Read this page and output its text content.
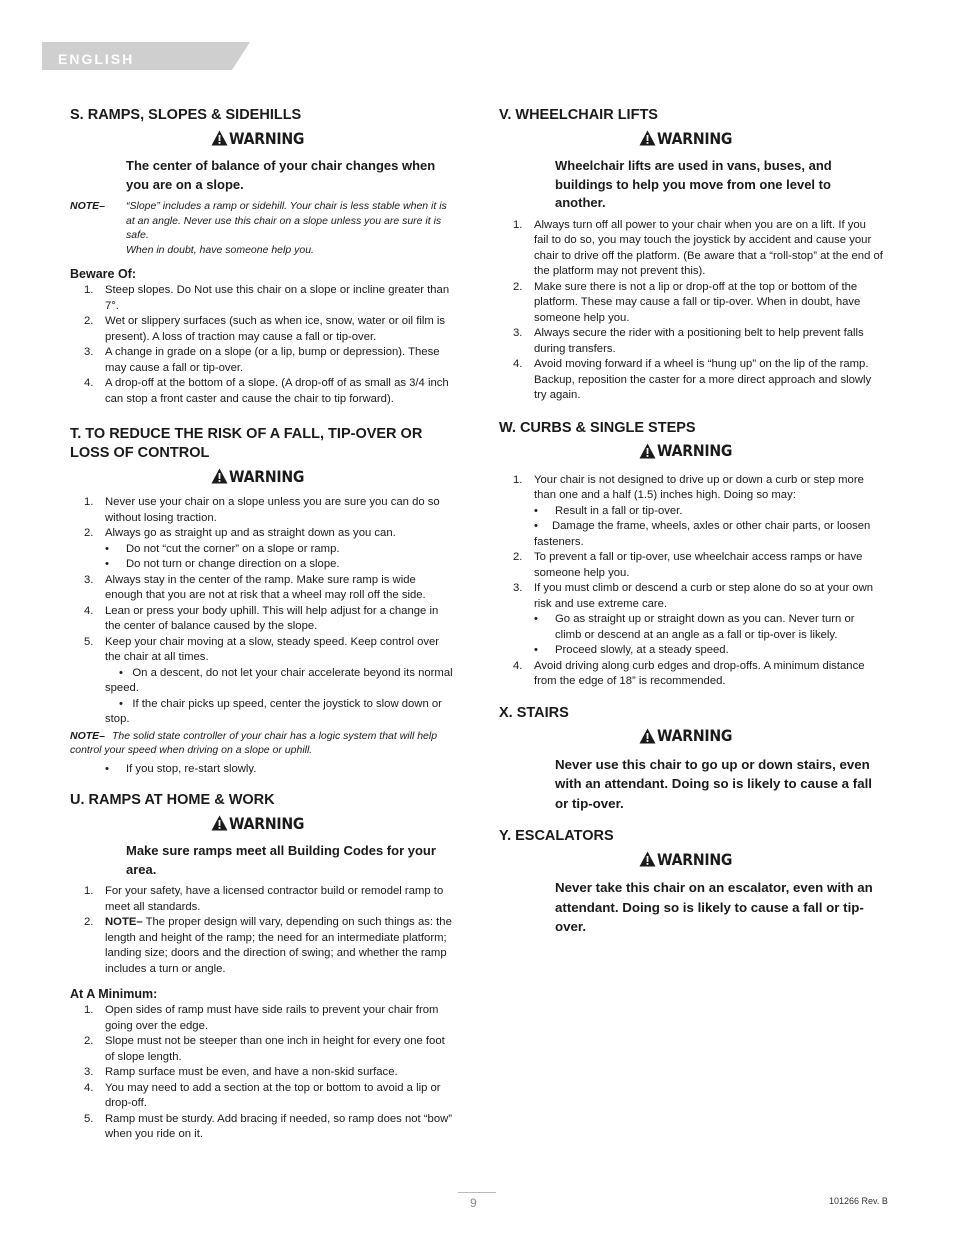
ENGLISH
S. RAMPS, SLOPES & SIDEHILLS
WARNING

The center of balance of your chair changes when you are on a slope.

NOTE– “Slope” includes a ramp or sidehill. Your chair is less stable when it is at an angle. Never use this chair on a slope unless you are sure it is safe.
When in doubt, have someone help you.
Beware Of:
1. Steep slopes. Do Not use this chair on a slope or incline greater than 7°.
2. Wet or slippery surfaces (such as when ice, snow, water or oil film is present). A loss of traction may cause a fall or tip-over.
3. A change in grade on a slope (or a lip, bump or depression). These may cause a fall or tip-over.
4. A drop-off at the bottom of a slope. (A drop-off of as small as 3/4 inch can stop a front caster and cause the chair to tip forward).
T. TO REDUCE THE RISK OF A FALL, TIP-OVER OR LOSS OF CONTROL
WARNING
1. Never use your chair on a slope unless you are sure you can do so without losing traction.
2. Always go as straight up and as straight down as you can.
• Do not “cut the corner” on a slope or ramp.
• Do not turn or change direction on a slope.
3. Always stay in the center of the ramp. Make sure ramp is wide enough that you are not at risk that a wheel may roll off the side.
4. Lean or press your body uphill. This will help adjust for a change in the center of balance caused by the slope.
5. Keep your chair moving at a slow, steady speed. Keep control over the chair at all times.
•   On a descent, do not let your chair accelerate beyond its normal speed.
•   If the chair picks up speed, center the joystick to slow down or stop.
NOTE– The solid state controller of your chair has a logic system that will help control your speed when driving on a slope or uphill.
• If you stop, re-start slowly.
U. RAMPS AT HOME & WORK
WARNING

Make sure ramps meet all Building Codes for your area.

1. For your safety, have a licensed contractor build or remodel ramp to meet all standards.
2. NOTE– The proper design will vary, depending on such things as: the length and height of the ramp; the need for an intermediate platform; landing size; doors and the direction of swing; and whether the ramp includes a turn or angle.
At A Minimum:
1. Open sides of ramp must have side rails to prevent your chair from going over the edge.
2. Slope must not be steeper than one inch in height for every one foot of slope length.
3. Ramp surface must be even, and have a non-skid surface.
4. You may need to add a section at the top or bottom to avoid a lip or drop-off.
5. Ramp must be sturdy. Add bracing if needed, so ramp does not “bow” when you ride on it.
V. WHEELCHAIR LIFTS
WARNING

Wheelchair lifts are used in vans, buses, and buildings to help you move from one level to another.

1. Always turn off all power to your chair when you are on a lift. If you fail to do so, you may touch the joystick by accident and cause your chair to drive off the platform. (Be aware that a “roll-stop” at the end of the platform may not prevent this).
2. Make sure there is not a lip or drop-off at the top or bottom of the platform. These may cause a fall or tip-over. When in doubt, have someone help you.
3. Always secure the rider with a positioning belt to help prevent falls during transfers.
4. Avoid moving forward if a wheel is “hung up” on the lip of the ramp. Backup, reposition the caster for a more direct approach and slowly try again.
W. CURBS & SINGLE STEPS
WARNING
1. Your chair is not designed to drive up or down a curb or step more than one and a half (1.5) inches high. Doing so may:
• Result in a fall or tip-over.
• Damage the frame, wheels, axles or other chair parts, or loosen fasteners.
2. To prevent a fall or tip-over, use wheelchair access ramps or have someone help you.
3. If you must climb or descend a curb or step alone do so at your own risk and use extreme care.
• Go as straight up or straight down as you can. Never turn or climb or descend at an angle as a fall or tip-over is likely.
• Proceed slowly, at a steady speed.
4. Avoid driving along curb edges and drop-offs. A minimum distance from the edge of 18” is recommended.
X. STAIRS
WARNING

Never use this chair to go up or down stairs, even with an attendant. Doing so is likely to cause a fall or tip-over.

Y. ESCALATORS
WARNING

Never take this chair on an escalator, even with an attendant. Doing so is likely to cause a fall or tip-over.

9	101266 Rev. B
